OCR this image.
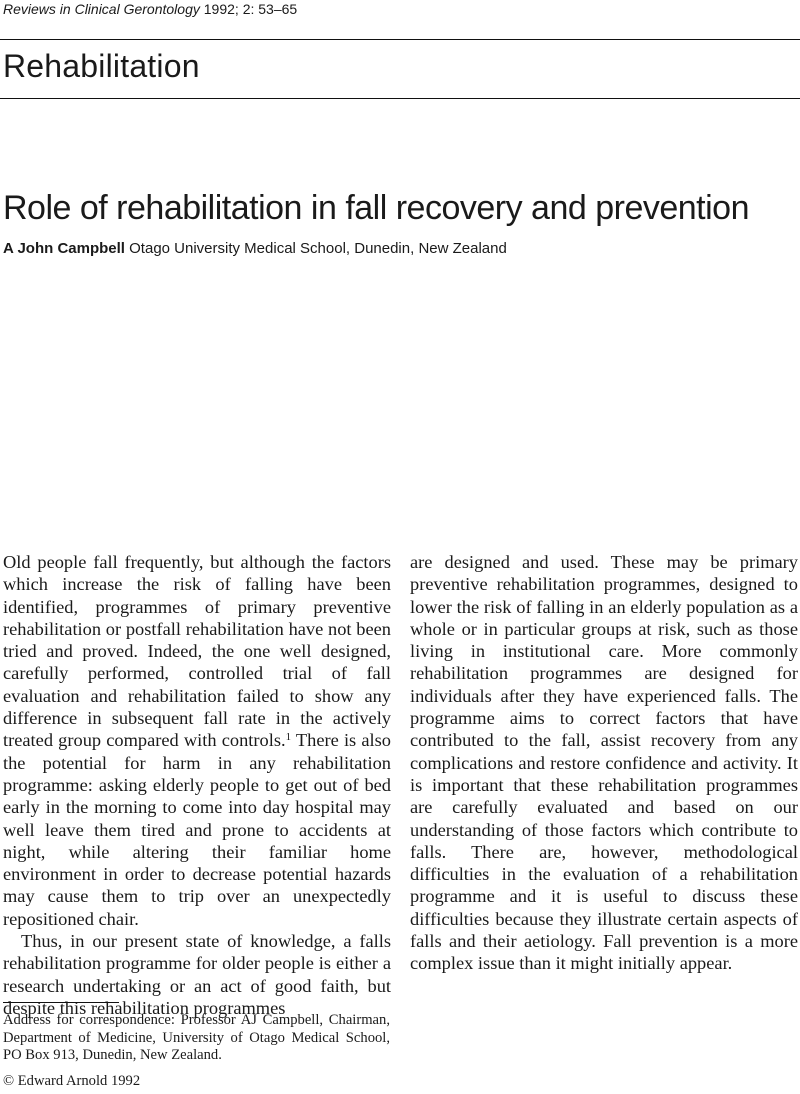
Reviews in Clinical Gerontology 1992; 2: 53–65
Rehabilitation
Role of rehabilitation in fall recovery and prevention
A John Campbell Otago University Medical School, Dunedin, New Zealand

Old people fall frequently, but although the factors which increase the risk of falling have been identified, programmes of primary preventive rehabilitation or postfall rehabilitation have not been tried and proved. Indeed, the one well designed, carefully performed, controlled trial of fall evaluation and rehabilitation failed to show any difference in subsequent fall rate in the actively treated group compared with controls.$^1$ There is also the potential for harm in any rehabilitation programme: asking elderly people to get out of bed early in the morning to come into day hospital may well leave them tired and prone to accidents at night, while altering their familiar home environment in order to decrease potential hazards may cause them to trip over an unexpectedly repositioned chair.

Thus, in our present state of knowledge, a falls rehabilitation programme for older people is either a research undertaking or an act of good faith, but despite this rehabilitation programmes

are designed and used. These may be primary preventive rehabilitation programmes, designed to lower the risk of falling in an elderly population as a whole or in particular groups at risk, such as those living in institutional care. More commonly rehabilitation programmes are designed for individuals after they have experienced falls. The programme aims to correct factors that have contributed to the fall, assist recovery from any complications and restore confidence and activity. It is important that these rehabilitation programmes are carefully evaluated and based on our understanding of those factors which contribute to falls. There are, however, methodological difficulties in the evaluation of a rehabilitation programme and it is useful to discuss these difficulties because they illustrate certain aspects of falls and their aetiology. Fall prevention is a more complex issue than it might initially appear.

Address for correspondence: Professor AJ Campbell, Chairman, Department of Medicine, University of Otago Medical School, PO Box 913, Dunedin, New Zealand.
© Edward Arnold 1992
